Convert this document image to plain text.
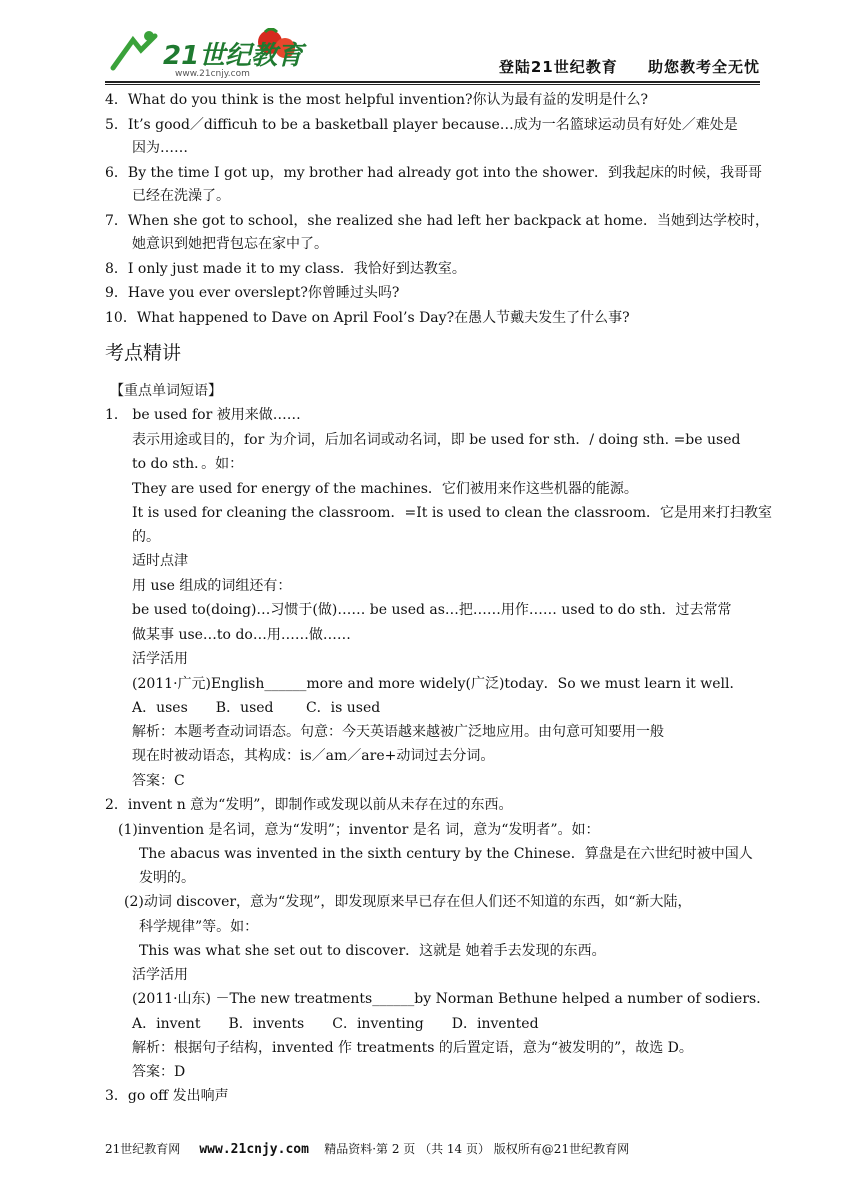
21世纪教育
www.21cnjy.com	登陆21世纪教育 助您教考全无忧
4．What do you think is the most helpful invention?你认为最有益的发明是什么?
5．It’s good／difficuh to be a basketball player because…成为一名篮球运动员有好处／难处是
因为……
6．By the time I got up，my brother had already got into the shower．到我起床的时候，我哥哥
已经在洗澡了。
7．When she got to school，she realized she had left her backpack at home．当她到达学校时，
她意识到她把背包忘在家中了。
8．I only just made it to my class．我恰好到达教室。
9．Have you ever overslept?你曾睡过头吗?
10．What happened to Dave on April Fool’s Day?在愚人节戴夫发生了什么事?
考点精讲
【重点单词短语】
1． be used for 被用来做……
表示用途或目的，for 为介词，后加名词或动名词，即 be used for sth．/ doing sth. =be used
to do sth．。如：
They are used for energy of the machines．它们被用来作这些机器的能源。
It is used for cleaning the classroom．=It is used to clean the classroom．它是用来打扫教室
的。
适时点津
用 use 组成的词组还有：
be used to(doing)…习惯于(做)…… be used as…把……用作…… used to do sth．过去常常
做某事 use…to do…用……做……
活学活用
(2011·广元)English______more and more widely(广泛)today．So we must learn it well．
A．uses　　B．used　　 C．is used
解析：本题考查动词语态。句意：今天英语越来越被广泛地应用。由句意可知要用一般
现在时被动语态，其构成：is／am／are+动词过去分词。
答案：C
2．invent n 意为“发明”，即制作或发现以前从未存在过的东西。
(1)invention 是名词，意为“发明”；inventor 是名 词，意为“发明者”。如：
The abacus was invented in the sixth century by the Chinese．算盘是在六世纪时被中国人
发明的。
(2)动词 discover，意为“发现”，即发现原来早已存在但人们还不知道的东西，如“新大陆，
科学规律”等。如：
This was what she set out to discover．这就是 她着手去发现的东西。
活学活用
(2011·山东) －The new treatments______by Norman Bethune helped a number of sodiers．
A．invent　　B．invents　　C．inventing　　D．invented
解析：根据句子结构，invented 作 treatments 的后置定语，意为“被发明的”，故选 D。
答案：D
3．go off 发出响声
21世纪教育网 www.21cnjy.com 精品资料·第 2 页 （共 14 页） 版权所有@21世纪教育网
